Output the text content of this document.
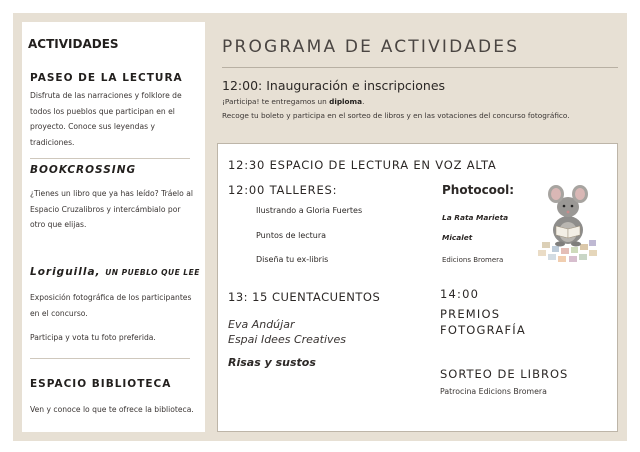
ACTIVIDADES
PASEO DE LA LECTURA
Disfruta de las narraciones y folklore de
todos los pueblos que participan en el
proyecto. Conoce sus leyendas y
tradiciones.
BOOKCROSSING
¿Tienes un libro que ya has leído? Tráelo al
Espacio Cruzalibros y intercámbialo por
otro que elijas.
Loriguilla, UN PUEBLO QUE LEE
Exposición fotográfica de los participantes
en el concurso.
Participa y vota tu foto preferida.
ESPACIO BIBLIOTECA
Ven y conoce lo que te ofrece la biblioteca.
PROGRAMA DE ACTIVIDADES
12:00: Inauguración e inscripciones
¡Participa! te entregamos un diploma.
Recoge tu boleto y participa en el sorteo de libros y en las votaciones del concurso fotográfico.
12:30 ESPACIO DE LECTURA EN VOZ ALTA
12:00 TALLERES:
Ilustrando a Gloria Fuertes
Puntos de lectura
Diseña tu ex-libris
Photocool:
La Rata Marieta
Micalet
Edicions Bromera
13: 15 CUENTACUENTOS
Eva Andújar
Espai Idees Creatives
Risas y sustos
14:00
PREMIOS
FOTOGRAFÍA
SORTEO DE LIBROS
Patrocina Edicions Bromera
